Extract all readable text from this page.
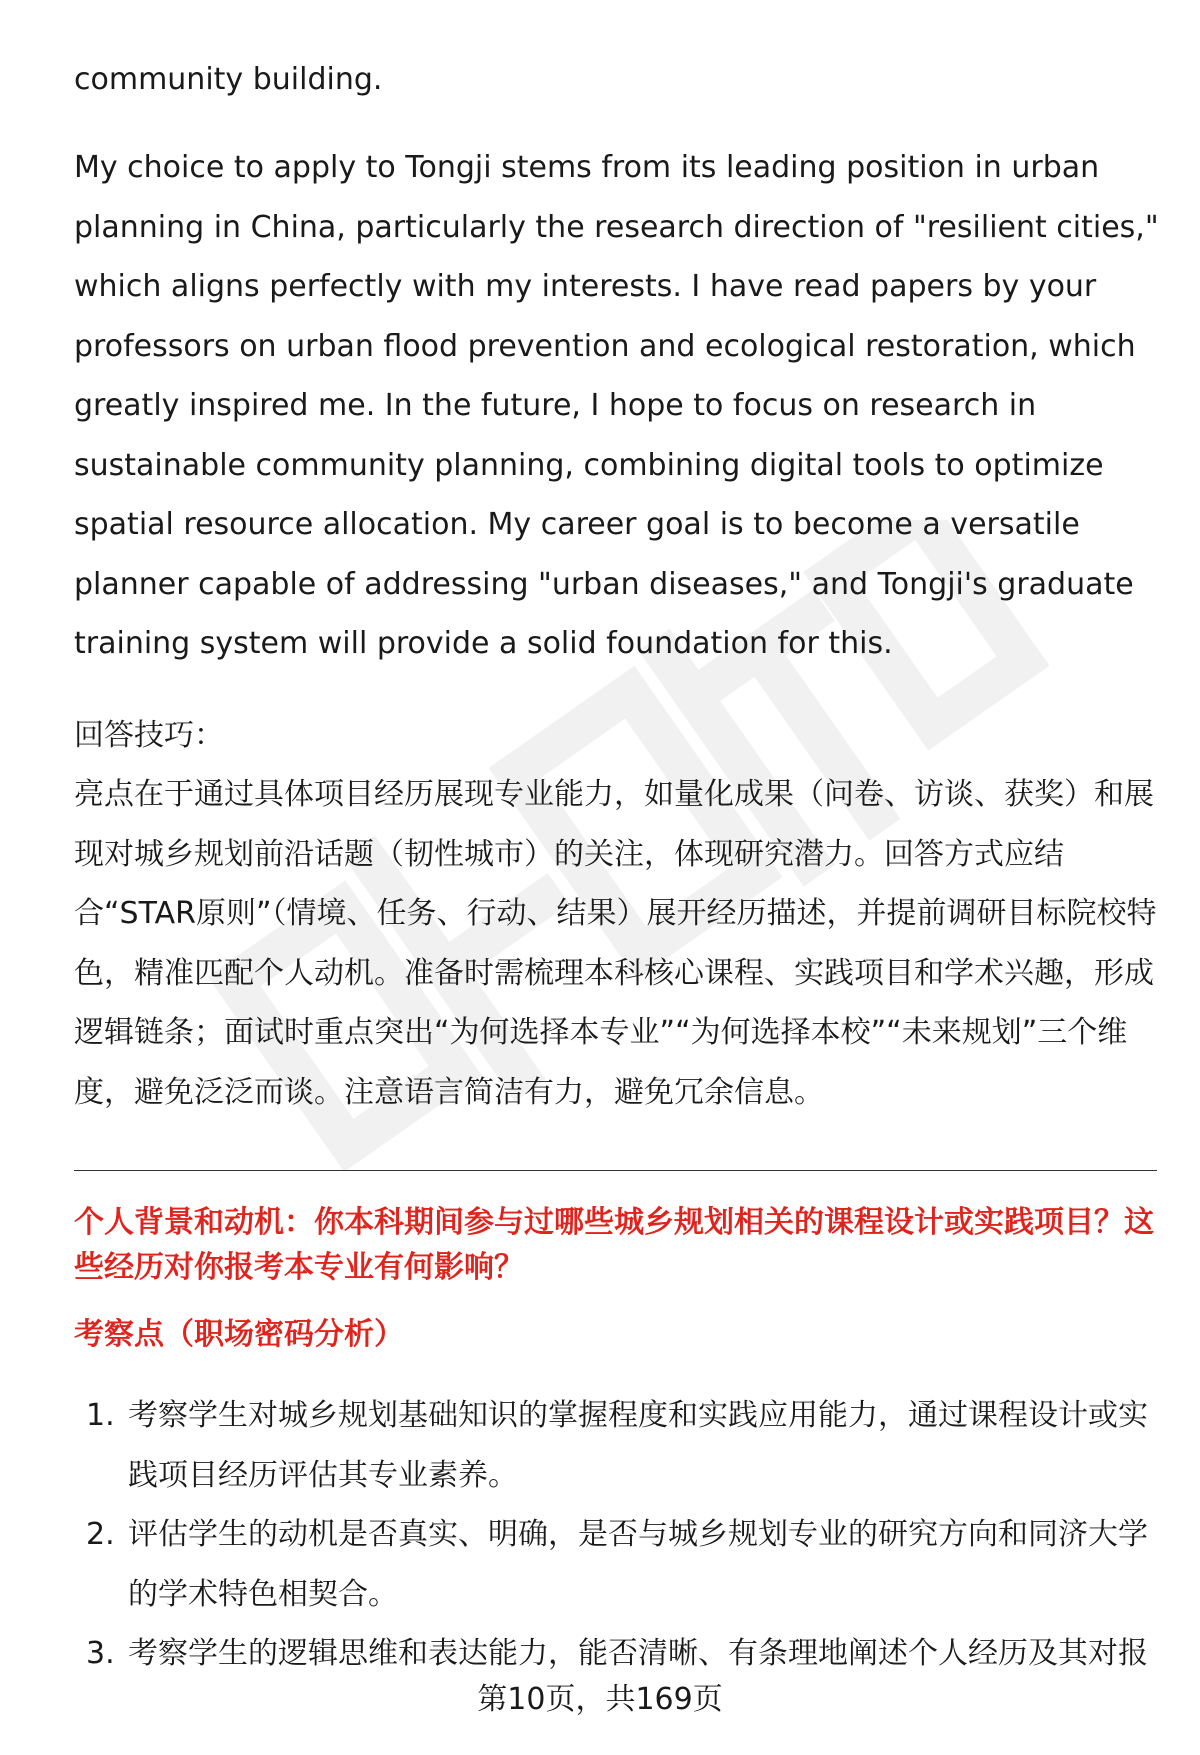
community building.
My choice to apply to Tongji stems from its leading position in urban planning in China, particularly the research direction of "resilient cities," which aligns perfectly with my interests. I have read papers by your professors on urban flood prevention and ecological restoration, which greatly inspired me. In the future, I hope to focus on research in sustainable community planning, combining digital tools to optimize spatial resource allocation. My career goal is to become a versatile planner capable of addressing "urban diseases," and Tongji's graduate training system will provide a solid foundation for this.
回答技巧：
亮点在于通过具体项目经历展现专业能力，如量化成果（问卷、访谈、获奖）和展现对城乡规划前沿话题（韧性城市）的关注，体现研究潜力。回答方式应结合“STAR原则”（情境、任务、行动、结果）展开经历描述，并提前调研目标院校特色，精准匹配个人动机。准备时需梳理本科核心课程、实践项目和学术兴趣，形成逻辑链条；面试时重点突出“为何选择本专业”“为何选择本校”“未来规划”三个维度，避免泛泛而谈。注意语言简洁有力，避免冗余信息。
个人背景和动机：你本科期间参与过哪些城乡规划相关的课程设计或实践项目？这些经历对你报考本专业有何影响？
考察点（职场密码分析）
1. 考察学生对城乡规划基础知识的掌握程度和实践应用能力，通过课程设计或实践项目经历评估其专业素养。
2. 评估学生的动机是否真实、明确，是否与城乡规划专业的研究方向和同济大学的学术特色相契合。
3. 考察学生的逻辑思维和表达能力，能否清晰、有条理地阐述个人经历及其对报
第10页，共169页
